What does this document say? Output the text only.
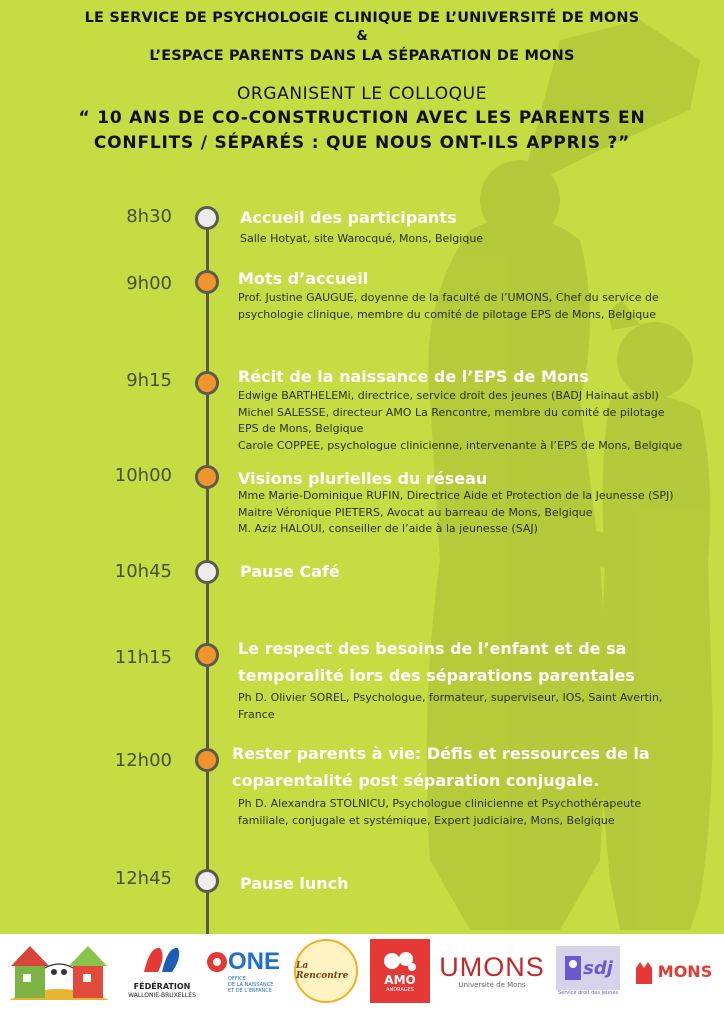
LE SERVICE DE PSYCHOLOGIE CLINIQUE DE L’UNIVERSITÉ DE MONS
&
L’ESPACE PARENTS DANS LA SÉPARATION DE MONS
ORGANISENT LE COLLOQUE
“ 10 ANS DE CO-CONSTRUCTION AVEC LES PARENTS EN
CONFLITS / SÉPARÉS : QUE NOUS ONT-ILS APPRIS ?”
8h30	Accueil des participants
Salle Hotyat, site Warocqué, Mons, Belgique
9h00	Mots d’accueil
Prof. Justine GAUGUE, doyenne de la faculté de l’UMONS, Chef du service de
psychologie clinique, membre du comité de pilotage EPS de Mons, Belgique
9h15	Récit de la naissance de l’EPS de Mons
Edwige BARTHELEMi, directrice, service droit des jeunes (BADJ Hainaut asbl)
Michel SALESSE, directeur AMO La Rencontre, membre du comité de pilotage
EPS de Mons, Belgique
Carole COPPEE, psychologue clinicienne, intervenante à l’EPS de Mons, Belgique
10h00	Visions plurielles du réseau
Mme Marie-Dominique RUFIN, Directrice Aide et Protection de la Jeunesse (SPJ)
Maitre Véronique PIETERS, Avocat au barreau de Mons, Belgique
M. Aziz HALOUI, conseiller de l’aide à la jeunesse (SAJ)
10h45	Pause Café
11h15	Le respect des besoins de l’enfant et de sa
temporalité lors des séparations parentales
Ph D. Olivier SOREL, Psychologue, formateur, superviseur, IOS, Saint Avertin,
France
12h00	Rester parents à vie: Défis et ressources de la
coparentalité post séparation conjugale.
Ph D. Alexandra STOLNICU, Psychologue clinicienne et Psychothérapeute
familiale, conjugale et systémique, Expert judiciaire, Mons, Belgique
12h45	Pause lunch
FÉDÉRATION
WALLONIE-BRUXELLES
ONE
OFFICE
DE LA NAISSANCE
ET DE L’ENFANCE
La Rencontre	AMO
ANDRAGES
UMONS
Université de Mons
sdj
Service droit des jeunes
MONS
